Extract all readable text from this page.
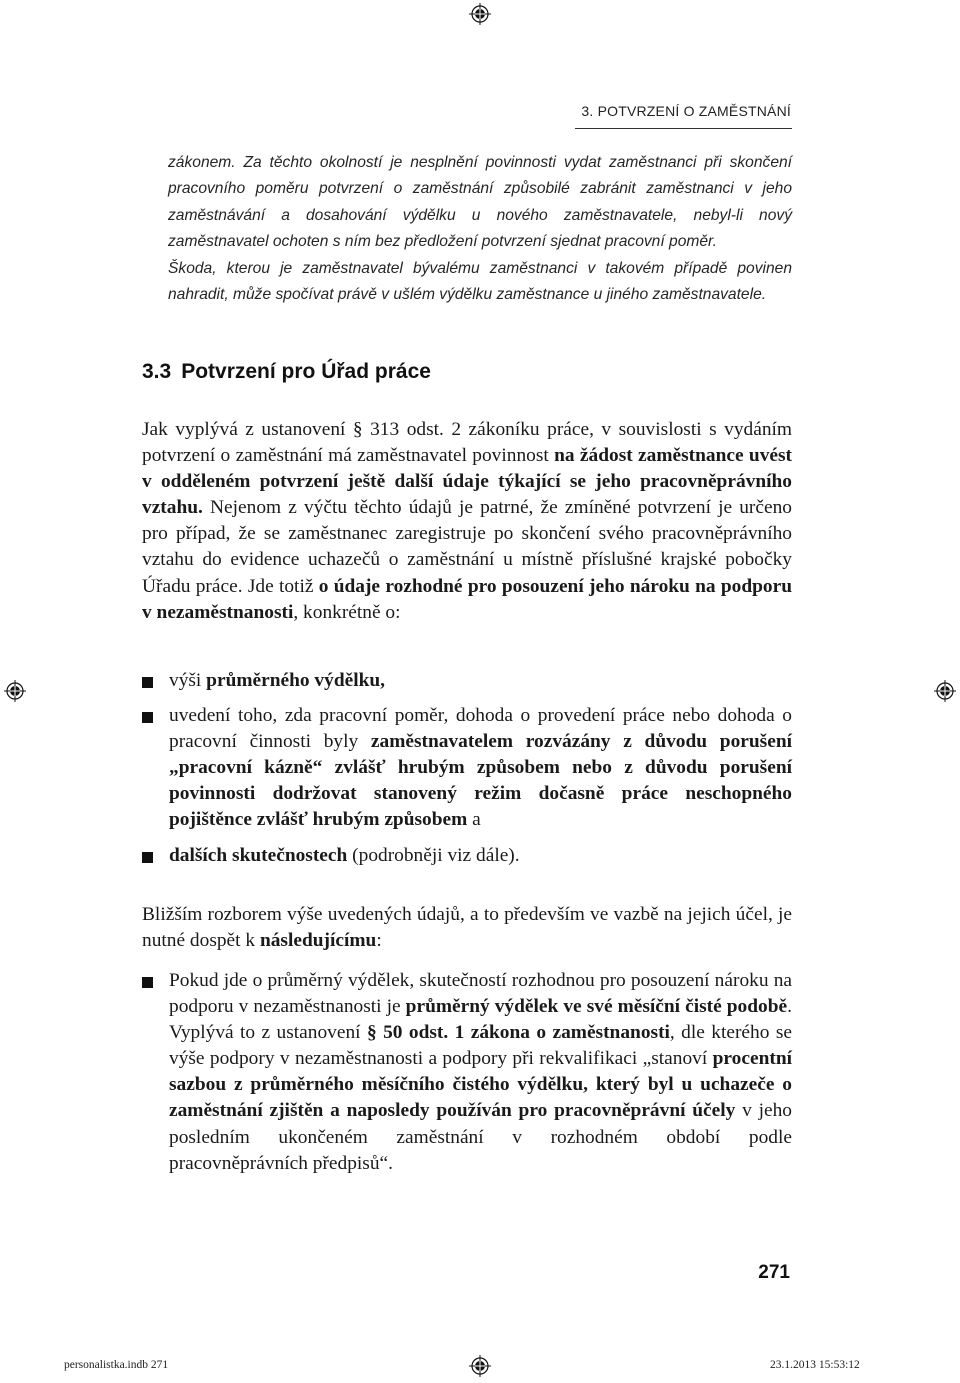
3. POTVRZENÍ O ZAMĚSTNÁNÍ

zákonem. Za těchto okolností je nesplnění povinnosti vydat zaměstnanci při skončení pracovního poměru potvrzení o zaměstnání způsobilé zabránit zaměstnanci v jeho zaměstnávání a dosahování výdělku u nového zaměstnavatele, nebyl-li nový zaměstnavatel ochoten s ním bez předložení potvrzení sjednat pracovní poměr.

Škoda, kterou je zaměstnavatel bývalému zaměstnanci v takovém případě povinen nahradit, může spočívat právě v ušlém výdělku zaměstnance u jiného zaměstnavatele.

3.3 Potvrzení pro Úřad práce

Jak vyplývá z ustanovení § 313 odst. 2 zákoníku práce, v souvislosti s vydáním potvrzení o zaměstnání má zaměstnavatel povinnost na žádost zaměstnance uvést v odděleném potvrzení ještě další údaje týkající se jeho pracovněprávního vztahu. Nejenom z výčtu těchto údajů je patrné, že zmíněné potvrzení je určeno pro případ, že se zaměstnanec zaregistruje po skončení svého pracovněprávního vztahu do evidence uchazečů o zaměstnání u místně příslušné krajské pobočky Úřadu práce. Jde totiž o údaje rozhodné pro posouzení jeho nároku na podporu v nezaměstnanosti, konkrétně o:

výši průměrného výdělku,
uvedení toho, zda pracovní poměr, dohoda o provedení práce nebo dohoda o pracovní činnosti byly zaměstnavatelem rozvázány z důvodu porušení „pracovní kázně“ zvlášť hrubým způsobem nebo z důvodu porušení povinnosti dodržovat stanovený režim dočasně práce neschopného pojištěnce zvlášť hrubým způsobem a
dalších skutečnostech (podrobněji viz dále).

Bližším rozborem výše uvedených údajů, a to především ve vazbě na jejich účel, je nutné dospět k následujícímu:

Pokud jde o průměrný výdělek, skutečností rozhodnou pro posouzení nároku na podporu v nezaměstnanosti je průměrný výdělek ve své měsíční čisté podobě. Vyplývá to z ustanovení § 50 odst. 1 zákona o zaměstnanosti, dle kterého se výše podpory v nezaměstnanosti a podpory při rekvalifikaci „stanoví procentní sazbou z průměrného měsíčního čistého výdělku, který byl u uchazeče o zaměstnání zjištěn a naposledy používán pro pracovněprávní účely v jeho posledním ukončeném zaměstnání v rozhodném období podle pracovněprávních předpisů“.
271
personalistka.indb 271	23.1.2013 15:53:12
